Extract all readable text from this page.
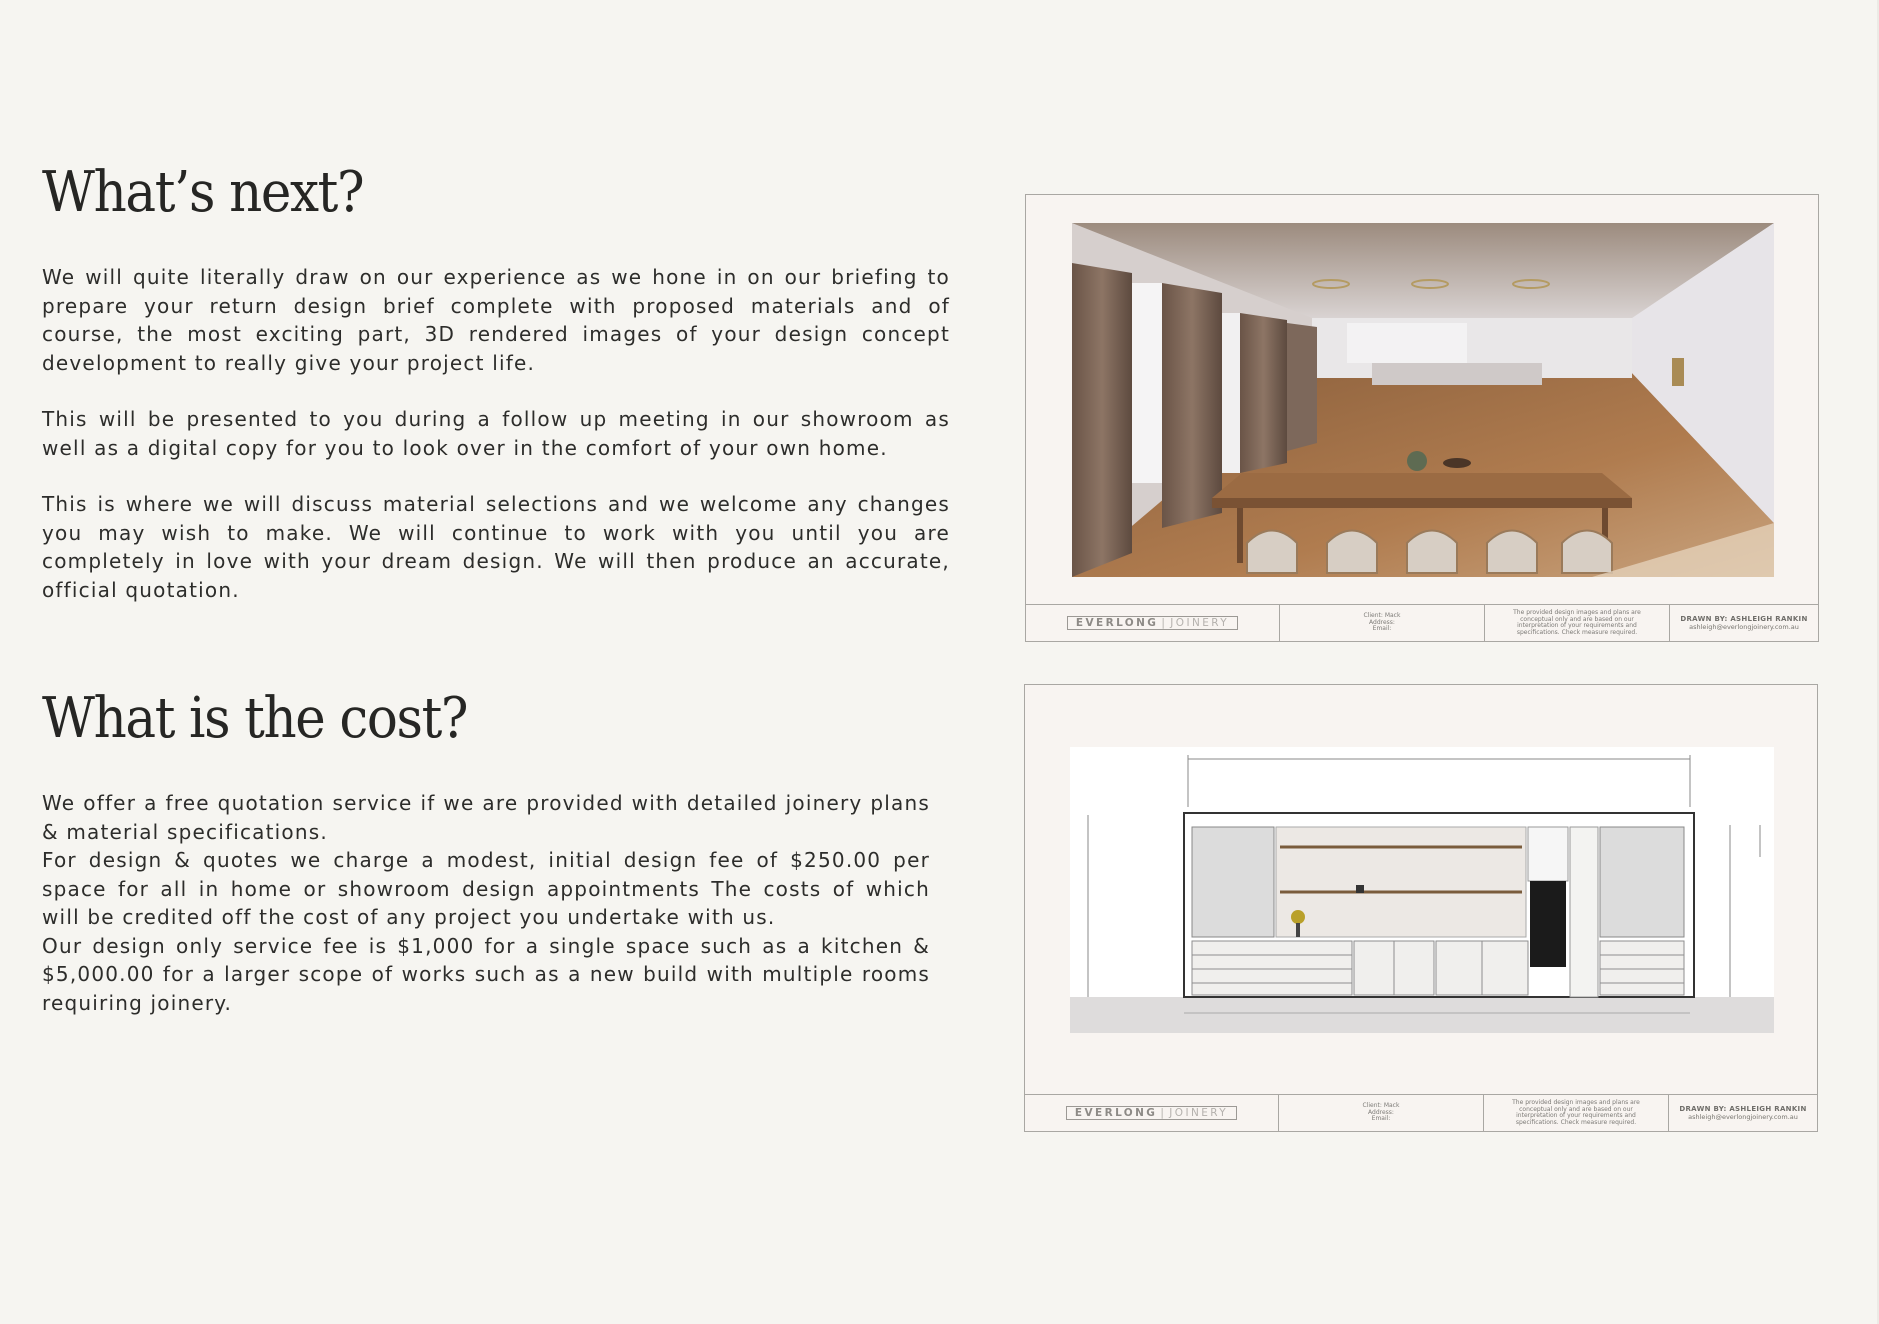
What’s next?

We will quite literally draw on our experience as we hone in on our briefing to prepare your return design brief complete with proposed materials and of course, the most exciting part, 3D rendered images of your design concept development to really give your project life.

This will be presented to you during a follow up meeting in our showroom as well as a digital copy for you to look over in the comfort of your own home.

This is where we will discuss material selections and we welcome any changes you may wish to make. We will continue to work with you until you are completely in love with your dream design. We will then produce an accurate, official quotation.

What is the cost?

We offer a free quotation service if we are provided with detailed joinery plans & material specifications.

For design & quotes we charge a modest, initial design fee of $250.00 per space for all in home or showroom design appointments The costs of which will be credited off the cost of any project you undertake with us.

Our design only service fee is $1,000 for a single space such as a kitchen & $5,000.00 for a larger scope of works such as a new build with multiple rooms requiring joinery.

EVERLONG | JOINERY
Client: Mack
Address:
Email:
The provided design images and plans are
conceptual only and are based on our
interpretation of your requirements and
specifications. Check measure required.
DRAWN BY: ASHLEIGH RANKIN
ashleigh@everlongjoinery.com.au
EVERLONG | JOINERY
Client: Mack
Address:
Email:
The provided design images and plans are
conceptual only and are based on our
interpretation of your requirements and
specifications. Check measure required.
DRAWN BY: ASHLEIGH RANKIN
ashleigh@everlongjoinery.com.au
